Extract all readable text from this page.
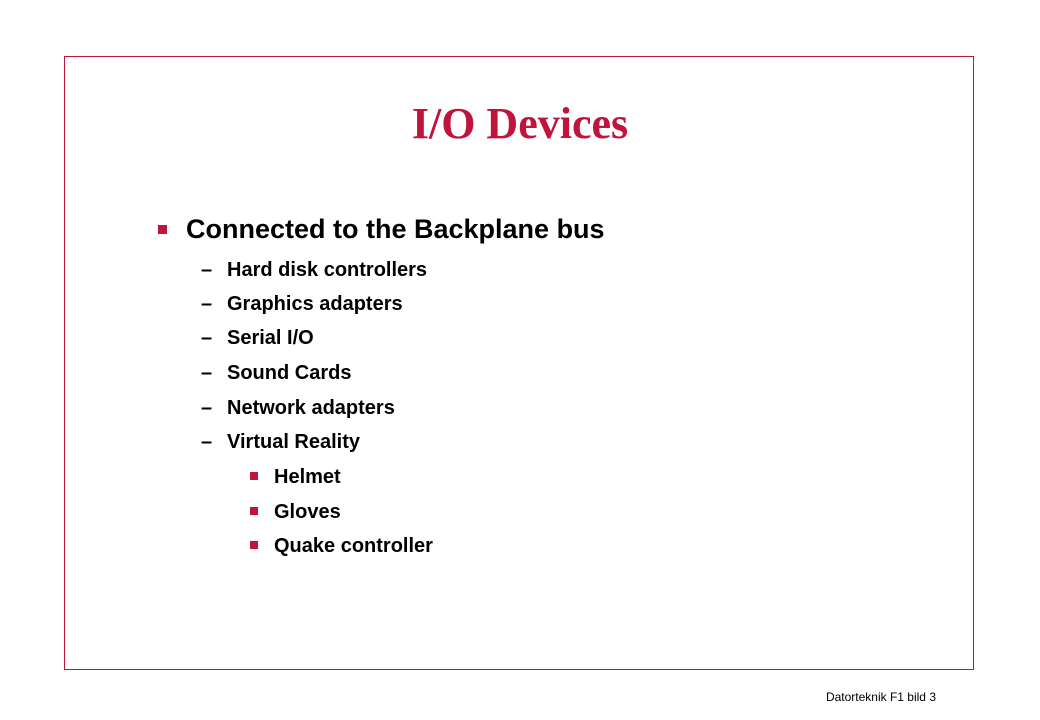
I/O Devices

Connected to the Backplane bus

– Hard disk controllers
– Graphics adapters
– Serial I/O
– Sound Cards
– Network adapters
– Virtual Reality
Helmet
Gloves
Quake controller
Datorteknik F1 bild 3
